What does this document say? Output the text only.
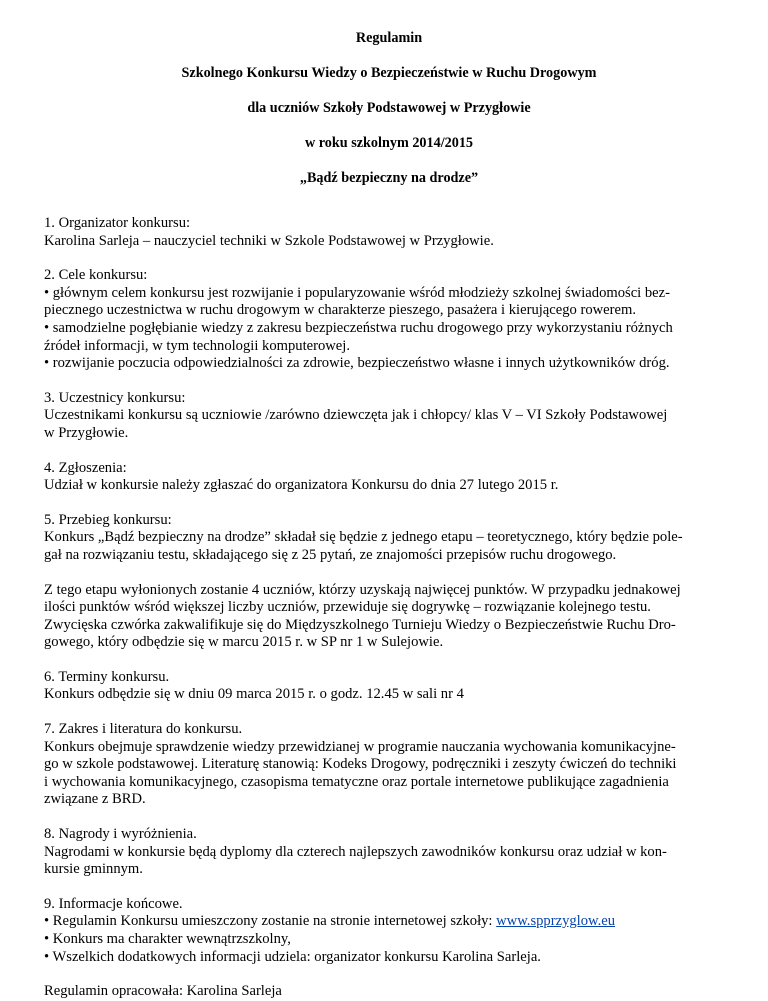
Regulamin
Szkolnego Konkursu Wiedzy o Bezpieczeństwie w Ruchu Drogowym
dla uczniów Szkoły Podstawowej w Przygłowie
w roku szkolnym 2014/2015
„Bądź bezpieczny na drodze”
1. Organizator konkursu:
Karolina Sarleja – nauczyciel techniki w Szkole Podstawowej w Przygłowie.
2. Cele konkursu:
• głównym celem konkursu jest rozwijanie i popularyzowanie wśród młodzieży szkolnej świadomości bez-
piecznego uczestnictwa w ruchu drogowym w charakterze pieszego, pasażera i kierującego rowerem.
• samodzielne pogłębianie wiedzy z zakresu bezpieczeństwa ruchu drogowego przy wykorzystaniu różnych
źródeł informacji, w tym technologii komputerowej.
• rozwijanie poczucia odpowiedzialności za zdrowie, bezpieczeństwo własne i innych użytkowników dróg.
3. Uczestnicy konkursu:
Uczestnikami konkursu są uczniowie /zarówno dziewczęta jak i chłopcy/ klas V – VI Szkoły Podstawowej
w Przygłowie.
4. Zgłoszenia:
Udział w konkursie należy zgłaszać do organizatora Konkursu do dnia 27 lutego 2015 r.
5. Przebieg konkursu:
Konkurs „Bądź bezpieczny na drodze” składał się będzie z jednego etapu – teoretycznego, który będzie pole-
gał na rozwiązaniu testu, składającego się z 25 pytań, ze znajomości przepisów ruchu drogowego.
Z tego etapu wyłonionych zostanie 4 uczniów, którzy uzyskają najwięcej punktów. W przypadku jednakowej
ilości punktów wśród większej liczby uczniów, przewiduje się dogrywkę – rozwiązanie kolejnego testu.
Zwycięska czwórka zakwalifikuje się do Międzyszkolnego Turnieju Wiedzy o Bezpieczeństwie Ruchu Dro-
gowego, który odbędzie się w marcu 2015 r. w SP nr 1 w Sulejowie.
6. Terminy konkursu.
Konkurs odbędzie się w dniu 09 marca 2015 r. o godz. 12.45 w sali nr 4
7. Zakres i literatura do konkursu.
Konkurs obejmuje sprawdzenie wiedzy przewidzianej w programie nauczania wychowania komunikacyjne-
go w szkole podstawowej. Literaturę stanowią: Kodeks Drogowy, podręczniki i zeszyty ćwiczeń do techniki
i wychowania komunikacyjnego, czasopisma tematyczne oraz portale internetowe publikujące zagadnienia
związane z BRD.
8. Nagrody i wyróżnienia.
Nagrodami w konkursie będą dyplomy dla czterech najlepszych zawodników konkursu oraz udział w kon-
kursie gminnym.
9. Informacje końcowe.
• Regulamin Konkursu umieszczony zostanie na stronie internetowej szkoły: www.spprzyglow.eu
• Konkurs ma charakter wewnątrzszkolny,
• Wszelkich dodatkowych informacji udziela: organizator konkursu Karolina Sarleja.
Regulamin opracowała: Karolina Sarleja
